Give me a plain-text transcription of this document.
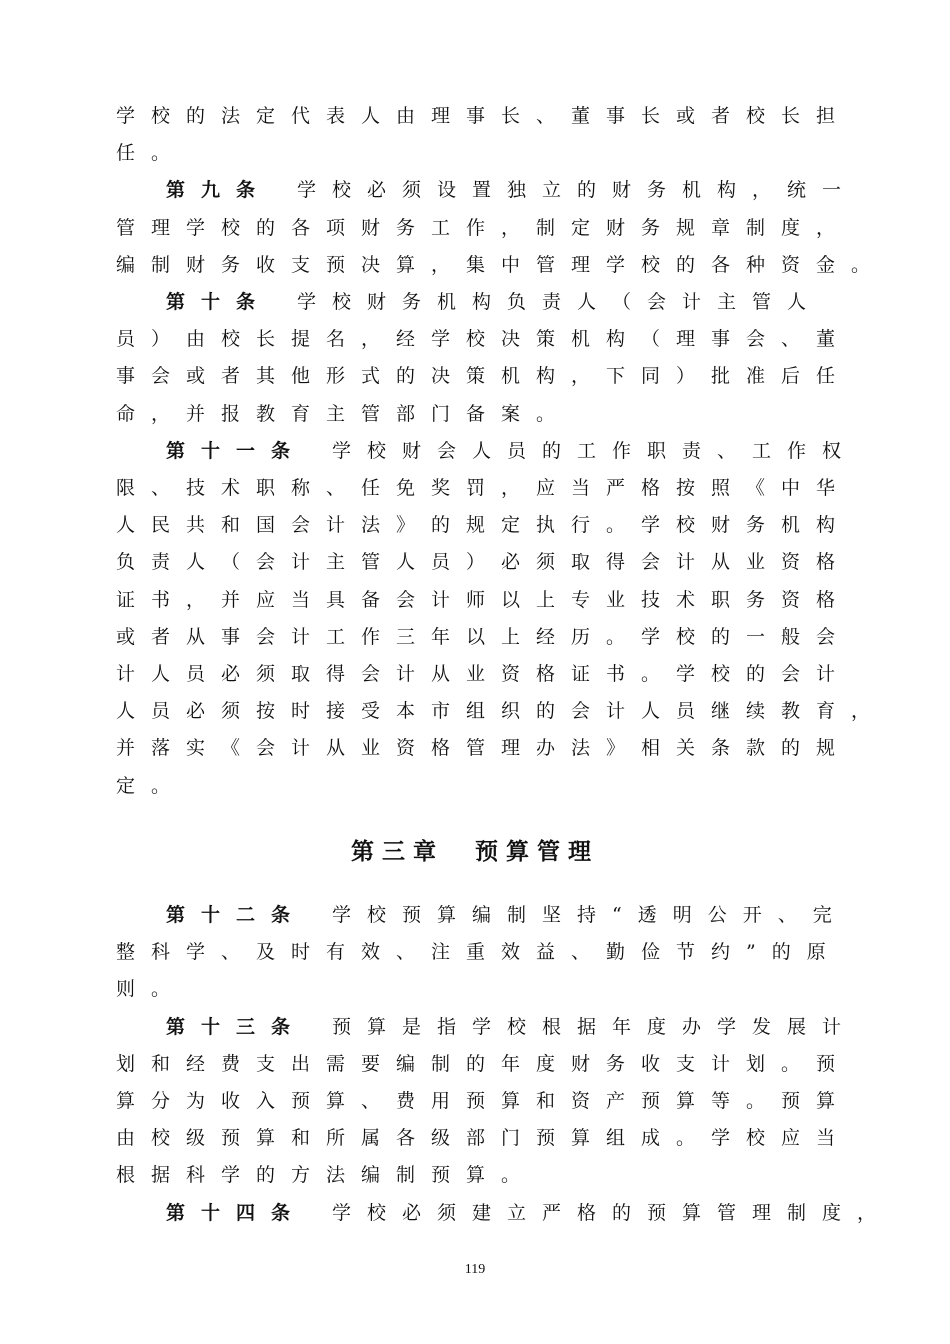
第三章　预算管理
119
学校的法定代表人由理事长、董事长或者校长担
任。
第九条 学校必须设置独立的财务机构，统一
管理学校的各项财务工作，制定财务规章制度，
编制财务收支预决算，集中管理学校的各种资金。
第十条 学校财务机构负责人（会计主管人
员）由校长提名，经学校决策机构（理事会、董
事会或者其他形式的决策机构，下同）批准后任
命，并报教育主管部门备案。
第十一条 学校财会人员的工作职责、工作权
限、技术职称、任免奖罚，应当严格按照《中华
人民共和国会计法》的规定执行。学校财务机构
负责人（会计主管人员）必须取得会计从业资格
证书，并应当具备会计师以上专业技术职务资格
或者从事会计工作三年以上经历。学校的一般会
计人员必须取得会计从业资格证书。学校的会计
人员必须按时接受本市组织的会计人员继续教育，
并落实《会计从业资格管理办法》相关条款的规
定。
第十二条 学校预算编制坚持“透明公开、完
整科学、及时有效、注重效益、勤俭节约”的原
则。
第十三条 预算是指学校根据年度办学发展计
划和经费支出需要编制的年度财务收支计划。预
算分为收入预算、费用预算和资产预算等。预算
由校级预算和所属各级部门预算组成。学校应当
根据科学的方法编制预算。
第十四条 学校必须建立严格的预算管理制度，
